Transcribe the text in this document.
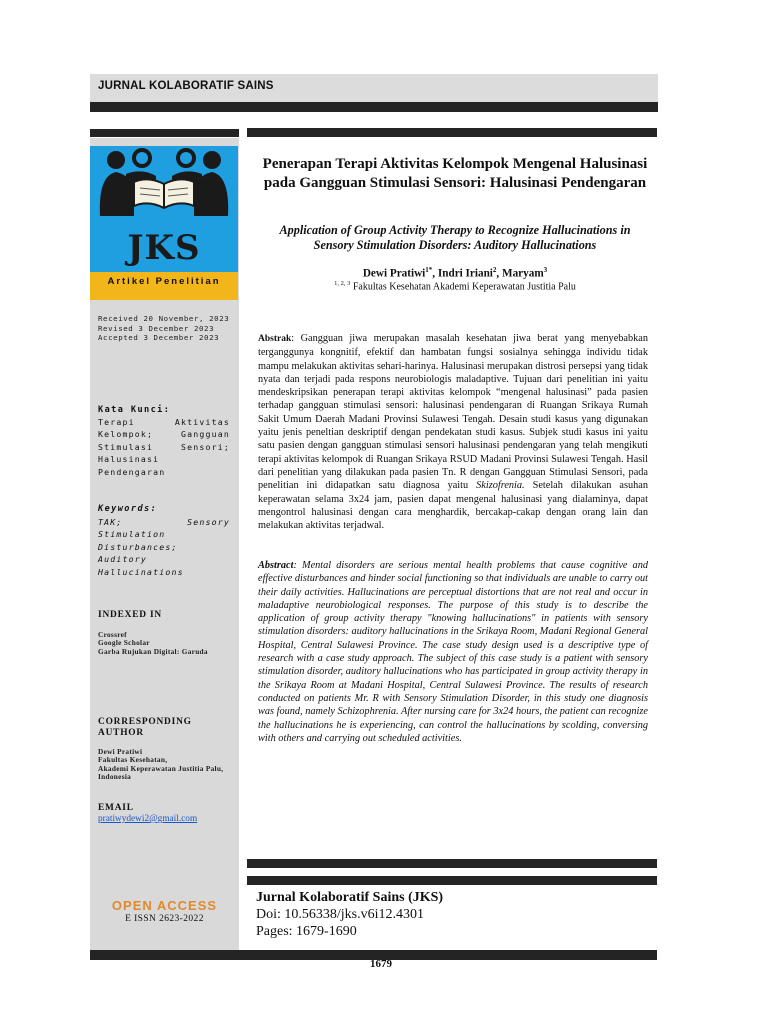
JURNAL KOLABORATIF SAINS
JKS
Artikel Penelitian
Received 20 November, 2023
Revised 3 December 2023
Accepted 3 December 2023
Kata Kunci:
Terapi Aktivitas Kelompok; Gangguan Stimulasi Sensori; Halusinasi Pendengaran
Keywords:
TAK; Sensory Stimulation Disturbances; Auditory Hallucinations
INDEXED IN
Crossref
Google Scholar
Garba Rujukan Digital: Garuda
CORRESPONDING AUTHOR
Dewi Pratiwi
Fakultas Kesehatan,
Akademi Keperawatan Justitia Palu,
Indonesia
EMAIL
pratiwydewi2@gmail.com
OPEN ACCESS
E ISSN 2623-2022
Penerapan Terapi Aktivitas Kelompok Mengenal Halusinasi pada Gangguan Stimulasi Sensori: Halusinasi Pendengaran
Application of Group Activity Therapy to Recognize Hallucinations in Sensory Stimulation Disorders: Auditory Hallucinations
Dewi Pratiwi$^{1*}$, Indri Iriani$^2$, Maryam$^3$
$^{1, 2, 3}$ Fakultas Kesehatan Akademi Keperawatan Justitia Palu
Abstrak: Gangguan jiwa merupakan masalah kesehatan jiwa berat yang menyebabkan terganggunya kongnitif, efektif dan hambatan fungsi sosialnya sehingga individu tidak mampu melakukan aktivitas sehari-harinya. Halusinasi merupakan distrosi persepsi yang tidak nyata dan terjadi pada respons neurobiologis maladaptive. Tujuan dari penelitian ini yaitu mendeskripsikan penerapan terapi aktivitas kelompok “mengenal halusinasi” pada pasien terhadap gangguan stimulasi sensori: halusinasi pendengaran di Ruangan Srikaya Rumah Sakit Umum Daerah Madani Provinsi Sulawesi Tengah. Desain studi kasus yang digunakan yaitu jenis peneltian deskriptif dengan pendekatan studi kasus. Subjek studi kasus ini yaitu satu pasien dengan gangguan stimulasi sensori halusinasi pendengaran yang telah mengikuti terapi aktivitas kelompok di Ruangan Srikaya RSUD Madani Provinsi Sulawesi Tengah. Hasil dari penelitian yang dilakukan pada pasien Tn. R dengan Gangguan Stimulasi Sensori, pada penelitian ini didapatkan satu diagnosa yaitu Skizofrenia. Setelah dilakukan asuhan keperawatan selama 3x24 jam, pasien dapat mengenal halusinasi yang dialaminya, dapat mengontrol halusinasi dengan cara menghardik, bercakap-cakap dengan orang lain dan melakukan aktivitas terjadwal.
Abstract: Mental disorders are serious mental health problems that cause cognitive and effective disturbances and hinder social functioning so that individuals are unable to carry out their daily activities. Hallucinations are perceptual distortions that are not real and occur in maladaptive neurobiological responses. The purpose of this study is to describe the application of group activity therapy "knowing hallucinations" in patients with sensory stimulation disorders: auditory hallucinations in the Srikaya Room, Madani Regional General Hospital, Central Sulawesi Province. The case study design used is a descriptive type of research with a case study approach. The subject of this case study is a patient with sensory stimulation disorder, auditory hallucinations who has participated in group activity therapy in the Srikaya Room at Madani Hospital, Central Sulawesi Province. The results of research conducted on patients Mr. R with Sensory Stimulation Disorder, in this study one diagnosis was found, namely Schizophrenia. After nursing care for 3x24 hours, the patient can recognize the hallucinations he is experiencing, can control the hallucinations by scolding, conversing with others and carrying out scheduled activities.
Jurnal Kolaboratif Sains (JKS)
Doi: 10.56338/jks.v6i12.4301
Pages: 1679-1690
1679
